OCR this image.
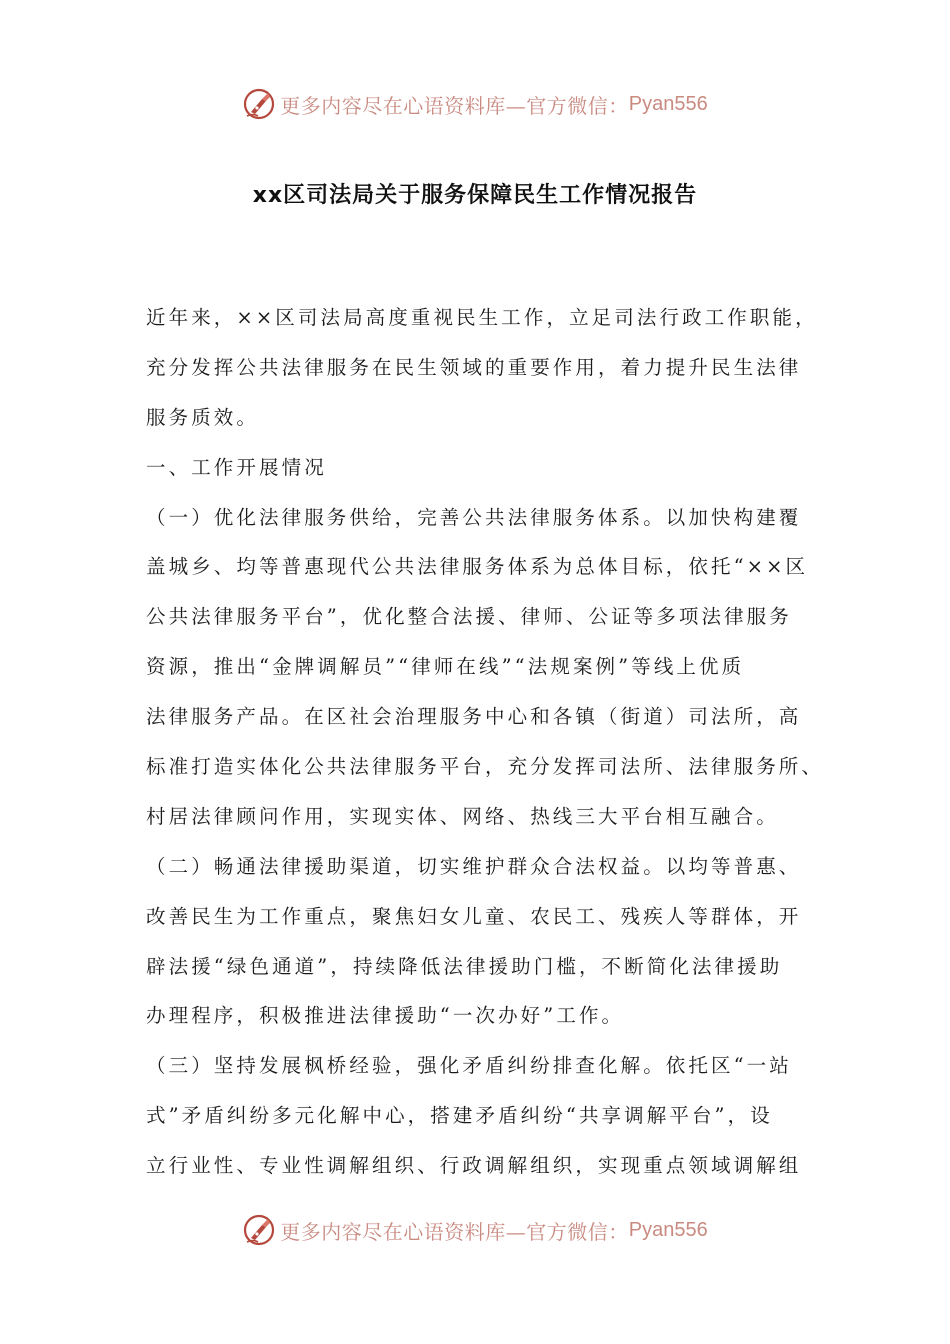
更多内容尽在心语资料库—官方微信： Pyan556
xx区司法局关于服务保障民生工作情况报告
近年来，××区司法局高度重视民生工作，立足司法行政工作职能，
充分发挥公共法律服务在民生领域的重要作用，着力提升民生法律
服务质效。
一、工作开展情况
（一）优化法律服务供给，完善公共法律服务体系。以加快构建覆
盖城乡、均等普惠现代公共法律服务体系为总体目标，依托“××区
公共法律服务平台”，优化整合法援、律师、公证等多项法律服务
资源，推出“金牌调解员”“律师在线”“法规案例”等线上优质
法律服务产品。在区社会治理服务中心和各镇（街道）司法所，高
标准打造实体化公共法律服务平台，充分发挥司法所、法律服务所、
村居法律顾问作用，实现实体、网络、热线三大平台相互融合。
（二）畅通法律援助渠道，切实维护群众合法权益。以均等普惠、
改善民生为工作重点，聚焦妇女儿童、农民工、残疾人等群体，开
辟法援“绿色通道”，持续降低法律援助门槛，不断简化法律援助
办理程序，积极推进法律援助“一次办好”工作。
（三）坚持发展枫桥经验，强化矛盾纠纷排查化解。依托区“一站
式”矛盾纠纷多元化解中心，搭建矛盾纠纷“共享调解平台”，设
立行业性、专业性调解组织、行政调解组织，实现重点领域调解组
更多内容尽在心语资料库—官方微信： Pyan556
